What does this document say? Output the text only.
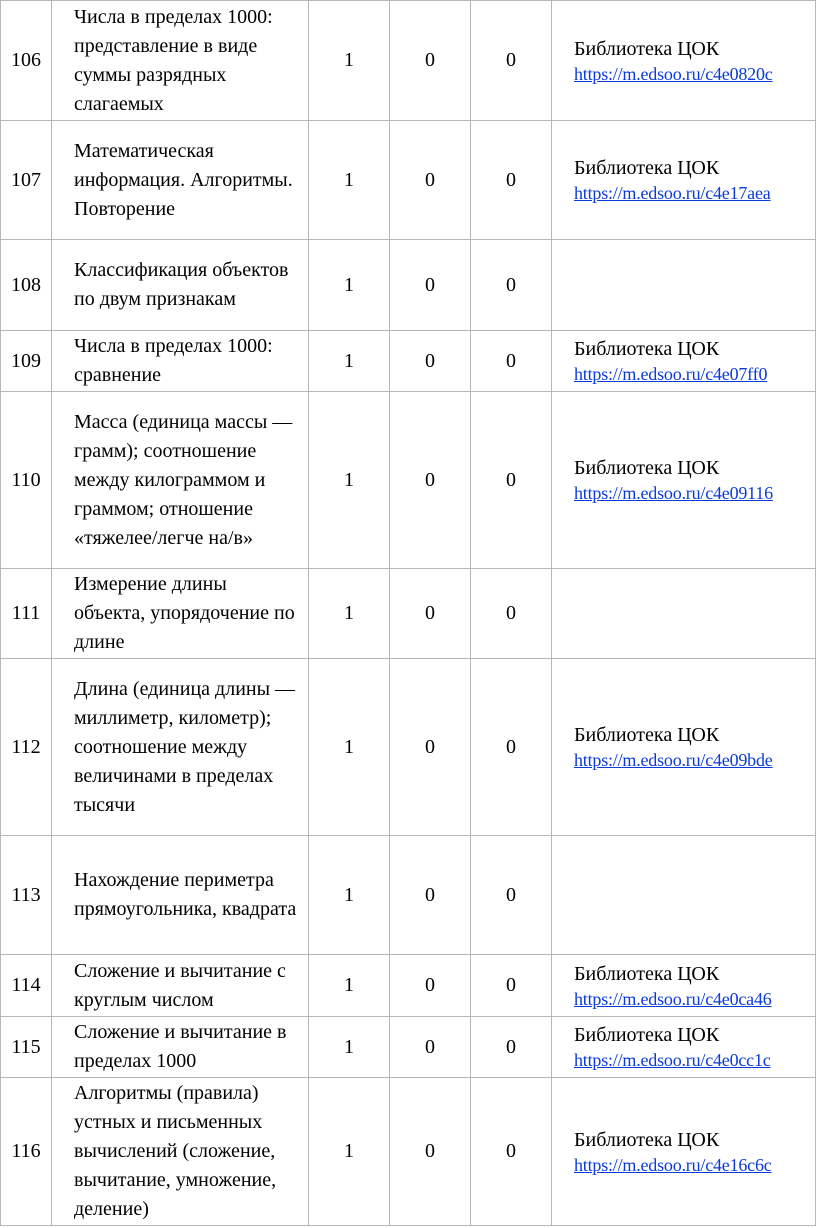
106	Числа в пределах 1000: представление в виде суммы разрядных слагаемых	1	0	0	Библиотека ЦОК
https://m.edsoo.ru/c4e0820c

107	Математическая информация. Алгоритмы. Повторение	1	0	0	Библиотека ЦОК
https://m.edsoo.ru/c4e17aea

108	Классификация объектов по двум признакам	1	0	0	

109	Числа в пределах 1000: сравнение	1	0	0	Библиотека ЦОК
https://m.edsoo.ru/c4e07ff0

110	Масса (единица массы — грамм); соотношение между килограммом и граммом; отношение «тяжелее/легче на/в»	1	0	0	Библиотека ЦОК
https://m.edsoo.ru/c4e09116

111	Измерение длины объекта, упорядочение по длине	1	0	0	

112	Длина (единица длины — миллиметр, километр); соотношение между величинами в пределах тысячи	1	0	0	Библиотека ЦОК
https://m.edsoo.ru/c4e09bde

113	Нахождение периметра прямоугольника, квадрата	1	0	0	

114	Сложение и вычитание с круглым числом	1	0	0	Библиотека ЦОК
https://m.edsoo.ru/c4e0ca46

115	Сложение и вычитание в пределах 1000	1	0	0	Библиотека ЦОК
https://m.edsoo.ru/c4e0cc1c

116	Алгоритмы (правила) устных и письменных вычислений (сложение, вычитание, умножение, деление)	1	0	0	Библиотека ЦОК
https://m.edsoo.ru/c4e16c6c
